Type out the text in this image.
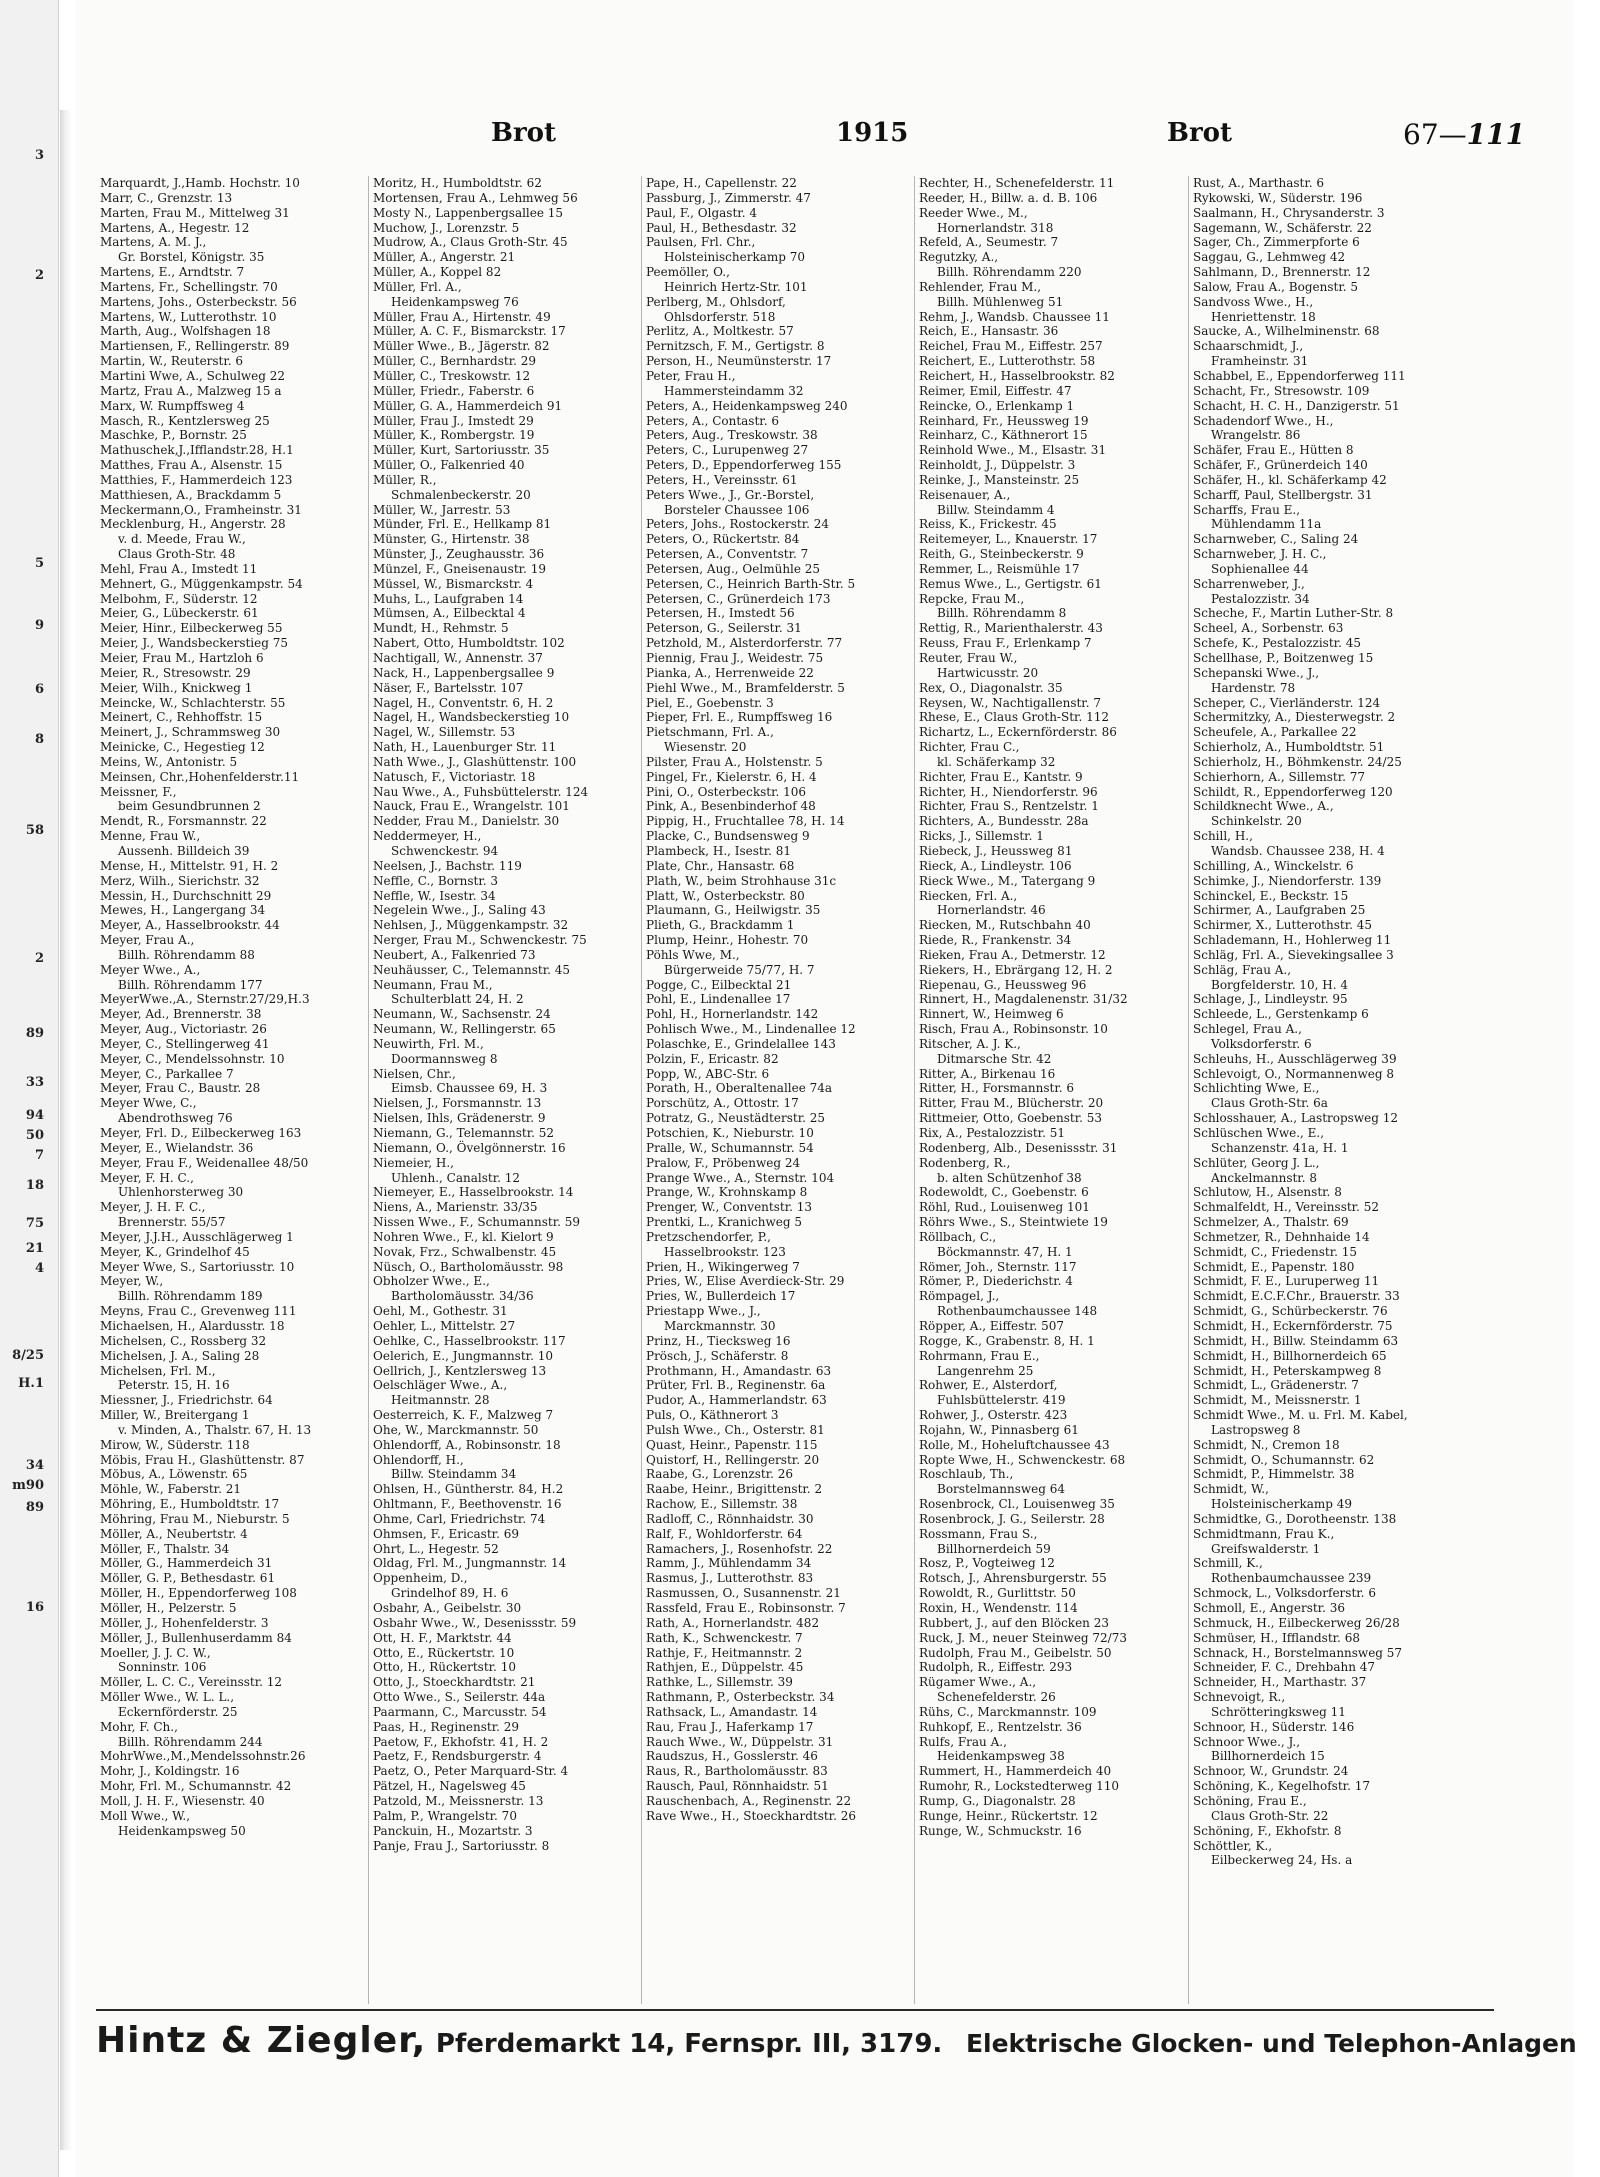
3
2
5
9
6
8
58
2
89
33
94
50
7
18
75
21
4
8/25
H.1
34
m90
89
16
Brot	1915	Brot	67—111
Marquardt, J.,Hamb. Hochstr. 10
Marr, C., Grenzstr. 13
Marten, Frau M., Mittelweg 31
Martens, A., Hegestr. 12
Martens, A. M. J.,
Gr. Borstel, Königstr. 35
Martens, E., Arndtstr. 7
Martens, Fr., Schellingstr. 70
Martens, Johs., Osterbeckstr. 56
Martens, W., Lutterothstr. 10
Marth, Aug., Wolfshagen 18
Martiensen, F., Rellingerstr. 89
Martin, W., Reuterstr. 6
Martini Wwe, A., Schulweg 22
Martz, Frau A., Malzweg 15 a
Marx, W. Rumpffsweg 4
Masch, R., Kentzlersweg 25
Maschke, P., Bornstr. 25
Mathuschek,J.,Ifflandstr.28, H.1
Matthes, Frau A., Alsenstr. 15
Matthies, F., Hammerdeich 123
Matthiesen, A., Brackdamm 5
Meckermann,O., Framheinstr. 31
Mecklenburg, H., Angerstr. 28
v. d. Meede, Frau W.,
Claus Groth-Str. 48
Mehl, Frau A., Imstedt 11
Mehnert, G., Müggenkampstr. 54
Melbohm, F., Süderstr. 12
Meier, G., Lübeckerstr. 61
Meier, Hinr., Eilbeckerweg 55
Meier, J., Wandsbeckerstieg 75
Meier, Frau M., Hartzloh 6
Meier, R., Stresowstr. 29
Meier, Wilh., Knickweg 1
Meincke, W., Schlachterstr. 55
Meinert, C., Rehhoffstr. 15
Meinert, J., Schrammsweg 30
Meinicke, C., Hegestieg 12
Meins, W., Antonistr. 5
Meinsen, Chr.,Hohenfelderstr.11
Meissner, F.,
beim Gesundbrunnen 2
Mendt, R., Forsmannstr. 22
Menne, Frau W.,
Aussenh. Billdeich 39
Mense, H., Mittelstr. 91, H. 2
Merz, Wilh., Sierichstr. 32
Messin, H., Durchschnitt 29
Mewes, H., Langergang 34
Meyer, A., Hasselbrookstr. 44
Meyer, Frau A.,
Billh. Röhrendamm 88
Meyer Wwe., A.,
Billh. Röhrendamm 177
MeyerWwe.,A., Sternstr.27/29,H.3
Meyer, Ad., Brennerstr. 38
Meyer, Aug., Victoriastr. 26
Meyer, C., Stellingerweg 41
Meyer, C., Mendelssohnstr. 10
Meyer, C., Parkallee 7
Meyer, Frau C., Baustr. 28
Meyer Wwe, C.,
Abendrothsweg 76
Meyer, Frl. D., Eilbeckerweg 163
Meyer, E., Wielandstr. 36
Meyer, Frau F., Weidenallee 48/50
Meyer, F. H. C.,
Uhlenhorsterweg 30
Meyer, J. H. F. C.,
Brennerstr. 55/57
Meyer, J.J.H., Ausschlägerweg 1
Meyer, K., Grindelhof 45
Meyer Wwe, S., Sartoriusstr. 10
Meyer, W.,
Billh. Röhrendamm 189
Meyns, Frau C., Grevenweg 111
Michaelsen, H., Alardusstr. 18
Michelsen, C., Rossberg 32
Michelsen, J. A., Saling 28
Michelsen, Frl. M.,
Peterstr. 15, H. 16
Miessner, J., Friedrichstr. 64
Miller, W., Breitergang 1
v. Minden, A., Thalstr. 67, H. 13
Mirow, W., Süderstr. 118
Möbis, Frau H., Glashüttenstr. 87
Möbus, A., Löwenstr. 65
Möhle, W., Faberstr. 21
Möhring, E., Humboldtstr. 17
Möhring, Frau M., Nieburstr. 5
Möller, A., Neubertstr. 4
Möller, F., Thalstr. 34
Möller, G., Hammerdeich 31
Möller, G. P., Bethesdastr. 61
Möller, H., Eppendorferweg 108
Möller, H., Pelzerstr. 5
Möller, J., Hohenfelderstr. 3
Möller, J., Bullenhuserdamm 84
Moeller, J. J. C. W.,
Sonninstr. 106
Möller, L. C. C., Vereinsstr. 12
Möller Wwe., W. L. L.,
Eckernförderstr. 25
Mohr, F. Ch.,
Billh. Röhrendamm 244
MohrWwe.,M.,Mendelssohnstr.26
Mohr, J., Koldingstr. 16
Mohr, Frl. M., Schumannstr. 42
Moll, J. H. F., Wiesenstr. 40
Moll Wwe., W.,
Heidenkampsweg 50
Moritz, H., Humboldtstr. 62
Mortensen, Frau A., Lehmweg 56
Mosty N., Lappenbergsallee 15
Muchow, J., Lorenzstr. 5
Mudrow, A., Claus Groth-Str. 45
Müller, A., Angerstr. 21
Müller, A., Koppel 82
Müller, Frl. A.,
Heidenkampsweg 76
Müller, Frau A., Hirtenstr. 49
Müller, A. C. F., Bismarckstr. 17
Müller Wwe., B., Jägerstr. 82
Müller, C., Bernhardstr. 29
Müller, C., Treskowstr. 12
Müller, Friedr., Faberstr. 6
Müller, G. A., Hammerdeich 91
Müller, Frau J., Imstedt 29
Müller, K., Rombergstr. 19
Müller, Kurt, Sartoriusstr. 35
Müller, O., Falkenried 40
Müller, R.,
Schmalenbeckerstr. 20
Müller, W., Jarrestr. 53
Münder, Frl. E., Hellkamp 81
Münster, G., Hirtenstr. 38
Münster, J., Zeughausstr. 36
Münzel, F., Gneisenaustr. 19
Müssel, W., Bismarckstr. 4
Muhs, L., Laufgraben 14
Mümsen, A., Eilbecktal 4
Mundt, H., Rehmstr. 5
Nabert, Otto, Humboldtstr. 102
Nachtigall, W., Annenstr. 37
Nack, H., Lappenbergsallee 9
Näser, F., Bartelsstr. 107
Nagel, H., Conventstr. 6, H. 2
Nagel, H., Wandsbeckerstieg 10
Nagel, W., Sillemstr. 53
Nath, H., Lauenburger Str. 11
Nath Wwe., J., Glashüttenstr. 100
Natusch, F., Victoriastr. 18
Nau Wwe., A., Fuhsbüttelerstr. 124
Nauck, Frau E., Wrangelstr. 101
Nedder, Frau M., Danielstr. 30
Neddermeyer, H.,
Schwenckestr. 94
Neelsen, J., Bachstr. 119
Neffle, C., Bornstr. 3
Neffle, W., Isestr. 34
Negelein Wwe., J., Saling 43
Nehlsen, J., Müggenkampstr. 32
Nerger, Frau M., Schwenckestr. 75
Neubert, A., Falkenried 73
Neuhäusser, C., Telemannstr. 45
Neumann, Frau M.,
Schulterblatt 24, H. 2
Neumann, W., Sachsenstr. 24
Neumann, W., Rellingerstr. 65
Neuwirth, Frl. M.,
Doormannsweg 8
Nielsen, Chr.,
Eimsb. Chaussee 69, H. 3
Nielsen, J., Forsmannstr. 13
Nielsen, Ihls, Grädenerstr. 9
Niemann, G., Telemannstr. 52
Niemann, O., Övelgönnerstr. 16
Niemeier, H.,
Uhlenh., Canalstr. 12
Niemeyer, E., Hasselbrookstr. 14
Niens, A., Marienstr. 33/35
Nissen Wwe., F., Schumannstr. 59
Nohren Wwe., F., kl. Kielort 9
Novak, Frz., Schwalbenstr. 45
Nüsch, O., Bartholomäusstr. 98
Obholzer Wwe., E.,
Bartholomäusstr. 34/36
Oehl, M., Gothestr. 31
Oehler, L., Mittelstr. 27
Oehlke, C., Hasselbrookstr. 117
Oelerich, E., Jungmannstr. 10
Oellrich, J., Kentzlersweg 13
Oelschläger Wwe., A.,
Heitmannstr. 28
Oesterreich, K. F., Malzweg 7
Ohe, W., Marckmannstr. 50
Ohlendorff, A., Robinsonstr. 18
Ohlendorff, H.,
Billw. Steindamm 34
Ohlsen, H., Güntherstr. 84, H.2
Ohltmann, F., Beethovenstr. 16
Ohme, Carl, Friedrichstr. 74
Ohmsen, F., Ericastr. 69
Ohrt, L., Hegestr. 52
Oldag, Frl. M., Jungmannstr. 14
Oppenheim, D.,
Grindelhof 89, H. 6
Osbahr, A., Geibelstr. 30
Osbahr Wwe., W., Desenissstr. 59
Ott, H. F., Marktstr. 44
Otto, E., Rückertstr. 10
Otto, H., Rückertstr. 10
Otto, J., Stoeckhardtstr. 21
Otto Wwe., S., Seilerstr. 44a
Paarmann, C., Marcusstr. 54
Paas, H., Reginenstr. 29
Paetow, F., Ekhofstr. 41, H. 2
Paetz, F., Rendsburgerstr. 4
Paetz, O., Peter Marquard-Str. 4
Pätzel, H., Nagelsweg 45
Patzold, M., Meissnerstr. 13
Palm, P., Wrangelstr. 70
Panckuin, H., Mozartstr. 3
Panje, Frau J., Sartoriusstr. 8
Pape, H., Capellenstr. 22
Passburg, J., Zimmerstr. 47
Paul, F., Olgastr. 4
Paul, H., Bethesdastr. 32
Paulsen, Frl. Chr.,
Holsteinischerkamp 70
Peemöller, O.,
Heinrich Hertz-Str. 101
Perlberg, M., Ohlsdorf,
Ohlsdorferstr. 518
Perlitz, A., Moltkestr. 57
Pernitzsch, F. M., Gertigstr. 8
Person, H., Neumünsterstr. 17
Peter, Frau H.,
Hammersteindamm 32
Peters, A., Heidenkampsweg 240
Peters, A., Contastr. 6
Peters, Aug., Treskowstr. 38
Peters, C., Lurupenweg 27
Peters, D., Eppendorferweg 155
Peters, H., Vereinsstr. 61
Peters Wwe., J., Gr.-Borstel,
Borsteler Chaussee 106
Peters, Johs., Rostockerstr. 24
Peters, O., Rückertstr. 84
Petersen, A., Conventstr. 7
Petersen, Aug., Oelmühle 25
Petersen, C., Heinrich Barth-Str. 5
Petersen, C., Grünerdeich 173
Petersen, H., Imstedt 56
Peterson, G., Seilerstr. 31
Petzhold, M., Alsterdorferstr. 77
Piennig, Frau J., Weidestr. 75
Pianka, A., Herrenweide 22
Piehl Wwe., M., Bramfelderstr. 5
Piel, E., Goebenstr. 3
Pieper, Frl. E., Rumpffsweg 16
Pietschmann, Frl. A.,
Wiesenstr. 20
Pilster, Frau A., Holstenstr. 5
Pingel, Fr., Kielerstr. 6, H. 4
Pini, O., Osterbeckstr. 106
Pink, A., Besenbinderhof 48
Pippig, H., Fruchtallee 78, H. 14
Placke, C., Bundsensweg 9
Plambeck, H., Isestr. 81
Plate, Chr., Hansastr. 68
Plath, W., beim Strohhause 31c
Platt, W., Osterbeckstr. 80
Plaumann, G., Heilwigstr. 35
Plieth, G., Brackdamm 1
Plump, Heinr., Hohestr. 70
Pöhls Wwe, M.,
Bürgerweide 75/77, H. 7
Pogge, C., Eilbecktal 21
Pohl, E., Lindenallee 17
Pohl, H., Hornerlandstr. 142
Pohlisch Wwe., M., Lindenallee 12
Polaschke, E., Grindelallee 143
Polzin, F., Ericastr. 82
Popp, W., ABC-Str. 6
Porath, H., Oberaltenallee 74a
Porschütz, A., Ottostr. 17
Potratz, G., Neustädterstr. 25
Potschien, K., Nieburstr. 10
Pralle, W., Schumannstr. 54
Pralow, F., Pröbenweg 24
Prange Wwe., A., Sternstr. 104
Prange, W., Krohnskamp 8
Prenger, W., Conventstr. 13
Prentki, L., Kranichweg 5
Pretzschendorfer, P.,
Hasselbrookstr. 123
Prien, H., Wikingerweg 7
Pries, W., Elise Averdieck-Str. 29
Pries, W., Bullerdeich 17
Priestapp Wwe., J.,
Marckmannstr. 30
Prinz, H., Tiecksweg 16
Prösch, J., Schäferstr. 8
Prothmann, H., Amandastr. 63
Prüter, Frl. B., Reginenstr. 6a
Pudor, A., Hammerlandstr. 63
Puls, O., Käthnerort 3
Pulsh Wwe., Ch., Osterstr. 81
Quast, Heinr., Papenstr. 115
Quistorf, H., Rellingerstr. 20
Raabe, G., Lorenzstr. 26
Raabe, Heinr., Brigittenstr. 2
Rachow, E., Sillemstr. 38
Radloff, C., Rönnhaidstr. 30
Ralf, F., Wohldorferstr. 64
Ramachers, J., Rosenhofstr. 22
Ramm, J., Mühlendamm 34
Rasmus, J., Lutterothstr. 83
Rasmussen, O., Susannenstr. 21
Rassfeld, Frau E., Robinsonstr. 7
Rath, A., Hornerlandstr. 482
Rath, K., Schwenckestr. 7
Rathje, F., Heitmannstr. 2
Rathjen, E., Düppelstr. 45
Rathke, L., Sillemstr. 39
Rathmann, P., Osterbeckstr. 34
Rathsack, L., Amandastr. 14
Rau, Frau J., Haferkamp 17
Rauch Wwe., W., Düppelstr. 31
Raudszus, H., Gosslerstr. 46
Raus, R., Bartholomäusstr. 83
Rausch, Paul, Rönnhaidstr. 51
Rauschenbach, A., Reginenstr. 22
Rave Wwe., H., Stoeckhardtstr. 26
Rechter, H., Schenefelderstr. 11
Reeder, H., Billw. a. d. B. 106
Reeder Wwe., M.,
Hornerlandstr. 318
Refeld, A., Seumestr. 7
Regutzky, A.,
Billh. Röhrendamm 220
Rehlender, Frau M.,
Billh. Mühlenweg 51
Rehm, J., Wandsb. Chaussee 11
Reich, E., Hansastr. 36
Reichel, Frau M., Eiffestr. 257
Reichert, E., Lutterothstr. 58
Reichert, H., Hasselbrookstr. 82
Reimer, Emil, Eiffestr. 47
Reincke, O., Erlenkamp 1
Reinhard, Fr., Heussweg 19
Reinharz, C., Käthnerort 15
Reinhold Wwe., M., Elsastr. 31
Reinholdt, J., Düppelstr. 3
Reinke, J., Mansteinstr. 25
Reisenauer, A.,
Billw. Steindamm 4
Reiss, K., Frickestr. 45
Reitemeyer, L., Knauerstr. 17
Reith, G., Steinbeckerstr. 9
Remmer, L., Reismühle 17
Remus Wwe., L., Gertigstr. 61
Repcke, Frau M.,
Billh. Röhrendamm 8
Rettig, R., Marienthalerstr. 43
Reuss, Frau F., Erlenkamp 7
Reuter, Frau W.,
Hartwicusstr. 20
Rex, O., Diagonalstr. 35
Reysen, W., Nachtigallenstr. 7
Rhese, E., Claus Groth-Str. 112
Richartz, L., Eckernförderstr. 86
Richter, Frau C.,
kl. Schäferkamp 32
Richter, Frau E., Kantstr. 9
Richter, H., Niendorferstr. 96
Richter, Frau S., Rentzelstr. 1
Richters, A., Bundesstr. 28a
Ricks, J., Sillemstr. 1
Riebeck, J., Heussweg 81
Rieck, A., Lindleystr. 106
Rieck Wwe., M., Tatergang 9
Riecken, Frl. A.,
Hornerlandstr. 46
Riecken, M., Rutschbahn 40
Riede, R., Frankenstr. 34
Rieken, Frau A., Detmerstr. 12
Riekers, H., Ebrärgang 12, H. 2
Riepenau, G., Heussweg 96
Rinnert, H., Magdalenenstr. 31/32
Rinnert, W., Heimweg 6
Risch, Frau A., Robinsonstr. 10
Ritscher, A. J. K.,
Ditmarsche Str. 42
Ritter, A., Birkenau 16
Ritter, H., Forsmannstr. 6
Ritter, Frau M., Blücherstr. 20
Rittmeier, Otto, Goebenstr. 53
Rix, A., Pestalozzistr. 51
Rodenberg, Alb., Desenissstr. 31
Rodenberg, R.,
b. alten Schützenhof 38
Rodewoldt, C., Goebenstr. 6
Röhl, Rud., Louisenweg 101
Röhrs Wwe., S., Steintwiete 19
Röllbach, C.,
Böckmannstr. 47, H. 1
Römer, Joh., Sternstr. 117
Römer, P., Diederichstr. 4
Römpagel, J.,
Rothenbaumchaussee 148
Röpper, A., Eiffestr. 507
Rogge, K., Grabenstr. 8, H. 1
Rohrmann, Frau E.,
Langenrehm 25
Rohwer, E., Alsterdorf,
Fuhlsbüttelerstr. 419
Rohwer, J., Osterstr. 423
Rojahn, W., Pinnasberg 61
Rolle, M., Hoheluftchaussee 43
Ropte Wwe, H., Schwenckestr. 68
Roschlaub, Th.,
Borstelmannsweg 64
Rosenbrock, Cl., Louisenweg 35
Rosenbrock, J. G., Seilerstr. 28
Rossmann, Frau S.,
Billhornerdeich 59
Rosz, P., Vogteiweg 12
Rotsch, J., Ahrensburgerstr. 55
Rowoldt, R., Gurlittstr. 50
Roxin, H., Wendenstr. 114
Rubbert, J., auf den Blöcken 23
Ruck, J. M., neuer Steinweg 72/73
Rudolph, Frau M., Geibelstr. 50
Rudolph, R., Eiffestr. 293
Rügamer Wwe., A.,
Schenefelderstr. 26
Rühs, C., Marckmannstr. 109
Ruhkopf, E., Rentzelstr. 36
Rulfs, Frau A.,
Heidenkampsweg 38
Rummert, H., Hammerdeich 40
Rumohr, R., Lockstedterweg 110
Rump, G., Diagonalstr. 28
Runge, Heinr., Rückertstr. 12
Runge, W., Schmuckstr. 16
Rust, A., Marthastr. 6
Rykowski, W., Süderstr. 196
Saalmann, H., Chrysanderstr. 3
Sagemann, W., Schäferstr. 22
Sager, Ch., Zimmerpforte 6
Saggau, G., Lehmweg 42
Sahlmann, D., Brennerstr. 12
Salow, Frau A., Bogenstr. 5
Sandvoss Wwe., H.,
Henriettenstr. 18
Saucke, A., Wilhelminenstr. 68
Schaarschmidt, J.,
Framheinstr. 31
Schabbel, E., Eppendorferweg 111
Schacht, Fr., Stresowstr. 109
Schacht, H. C. H., Danzigerstr. 51
Schadendorf Wwe., H.,
Wrangelstr. 86
Schäfer, Frau E., Hütten 8
Schäfer, F., Grünerdeich 140
Schäfer, H., kl. Schäferkamp 42
Scharff, Paul, Stellbergstr. 31
Scharffs, Frau E.,
Mühlendamm 11a
Scharnweber, C., Saling 24
Scharnweber, J. H. C.,
Sophienallee 44
Scharrenweber, J.,
Pestalozzistr. 34
Scheche, F., Martin Luther-Str. 8
Scheel, A., Sorbenstr. 63
Schefe, K., Pestalozzistr. 45
Schellhase, P., Boitzenweg 15
Schepanski Wwe., J.,
Hardenstr. 78
Scheper, C., Vierländerstr. 124
Schermitzky, A., Diesterwegstr. 2
Scheufele, A., Parkallee 22
Schierholz, A., Humboldtstr. 51
Schierholz, H., Böhmkenstr. 24/25
Schierhorn, A., Sillemstr. 77
Schildt, R., Eppendorferweg 120
Schildknecht Wwe., A.,
Schinkelstr. 20
Schill, H.,
Wandsb. Chaussee 238, H. 4
Schilling, A., Winckelstr. 6
Schimke, J., Niendorferstr. 139
Schinckel, E., Beckstr. 15
Schirmer, A., Laufgraben 25
Schirmer, X., Lutterothstr. 45
Schlademann, H., Hohlerweg 11
Schläg, Frl. A., Sievekingsallee 3
Schläg, Frau A.,
Borgfelderstr. 10, H. 4
Schlage, J., Lindleystr. 95
Schleede, L., Gerstenkamp 6
Schlegel, Frau A.,
Volksdorferstr. 6
Schleuhs, H., Ausschlägerweg 39
Schlevoigt, O., Normannenweg 8
Schlichting Wwe, E.,
Claus Groth-Str. 6a
Schlosshauer, A., Lastropsweg 12
Schlüschen Wwe., E.,
Schanzenstr. 41a, H. 1
Schlüter, Georg J. L.,
Anckelmannstr. 8
Schlutow, H., Alsenstr. 8
Schmalfeldt, H., Vereinsstr. 52
Schmelzer, A., Thalstr. 69
Schmetzer, R., Dehnhaide 14
Schmidt, C., Friedenstr. 15
Schmidt, E., Papenstr. 180
Schmidt, F. E., Luruperweg 11
Schmidt, E.C.F.Chr., Brauerstr. 33
Schmidt, G., Schürbeckerstr. 76
Schmidt, H., Eckernförderstr. 75
Schmidt, H., Billw. Steindamm 63
Schmidt, H., Billhornerdeich 65
Schmidt, H., Peterskampweg 8
Schmidt, L., Grädenerstr. 7
Schmidt, M., Meissnerstr. 1
Schmidt Wwe., M. u. Frl. M. Kabel,
Lastropsweg 8
Schmidt, N., Cremon 18
Schmidt, O., Schumannstr. 62
Schmidt, P., Himmelstr. 38
Schmidt, W.,
Holsteinischerkamp 49
Schmidtke, G., Dorotheenstr. 138
Schmidtmann, Frau K.,
Greifswalderstr. 1
Schmill, K.,
Rothenbaumchaussee 239
Schmock, L., Volksdorferstr. 6
Schmoll, E., Angerstr. 36
Schmuck, H., Eilbeckerweg 26/28
Schmüser, H., Ifflandstr. 68
Schnack, H., Borstelmannsweg 57
Schneider, F. C., Drehbahn 47
Schneider, H., Marthastr. 37
Schnevoigt, R.,
Schrötteringksweg 11
Schnoor, H., Süderstr. 146
Schnoor Wwe., J.,
Billhornerdeich 15
Schnoor, W., Grundstr. 24
Schöning, K., Kegelhofstr. 17
Schöning, Frau E.,
Claus Groth-Str. 22
Schöning, F., Ekhofstr. 8
Schöttler, K.,
Eilbeckerweg 24, Hs. a
Hintz & Ziegler, Pferdemarkt 14, Fernspr. III, 3179. Elektrische Glocken- und Telephon-Anlagen
